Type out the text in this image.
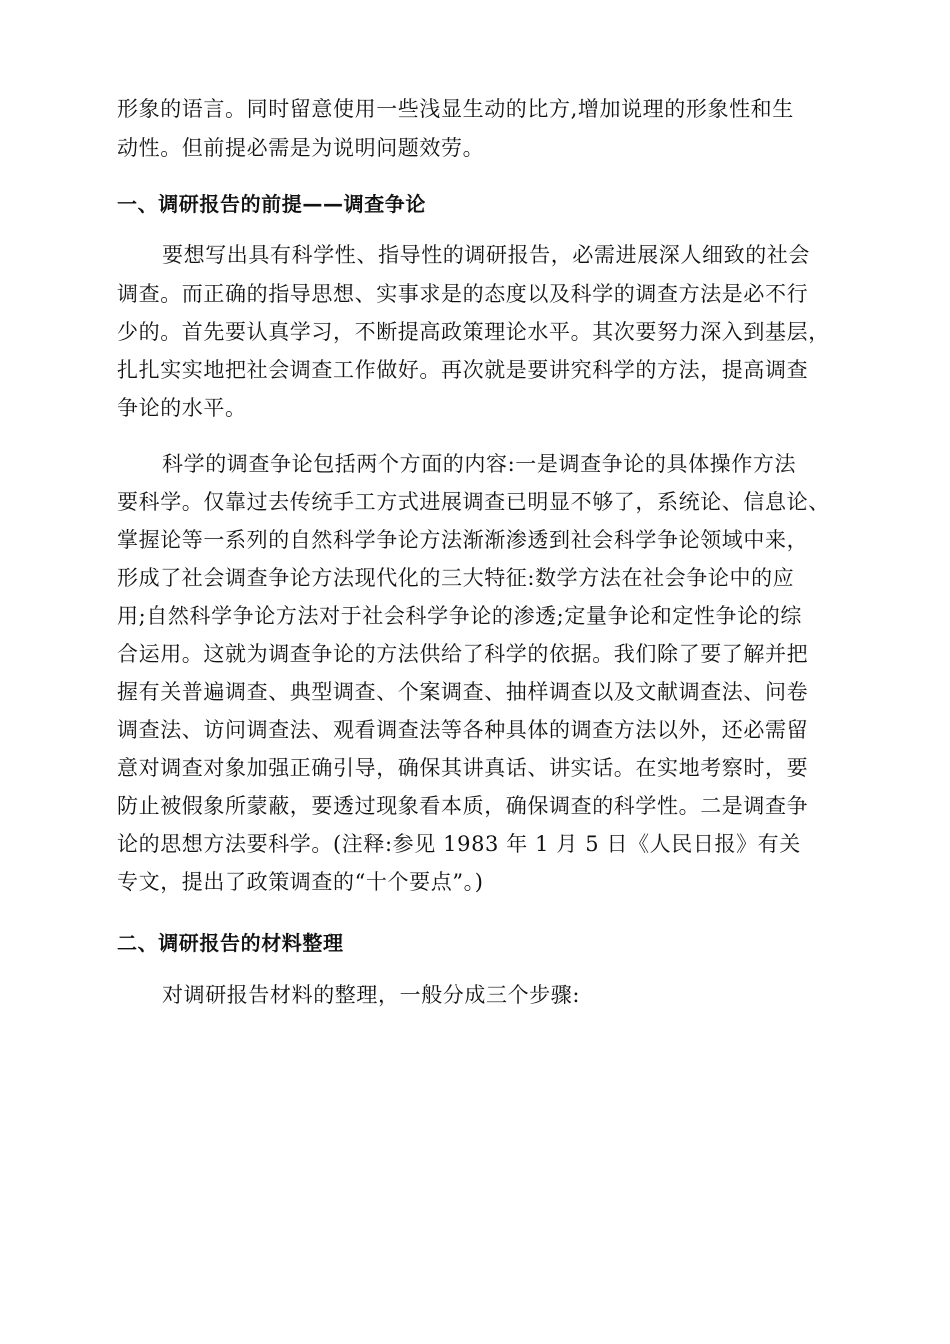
形象的语言。同时留意使用一些浅显生动的比方,增加说理的形象性和生
动性。但前提必需是为说明问题效劳。
一、调研报告的前提——调查争论
要想写出具有科学性、指导性的调研报告，必需进展深人细致的社会
调查。而正确的指导思想、实事求是的态度以及科学的调查方法是必不行
少的。首先要认真学习，不断提高政策理论水平。其次要努力深入到基层，
扎扎实实地把社会调查工作做好。再次就是要讲究科学的方法，提高调查
争论的水平。
科学的调查争论包括两个方面的内容:一是调查争论的具体操作方法
要科学。仅靠过去传统手工方式进展调查已明显不够了，系统论、信息论、
掌握论等一系列的自然科学争论方法渐渐渗透到社会科学争论领域中来，
形成了社会调查争论方法现代化的三大特征:数学方法在社会争论中的应
用;自然科学争论方法对于社会科学争论的渗透;定量争论和定性争论的综
合运用。这就为调查争论的方法供给了科学的依据。我们除了要了解并把
握有关普遍调查、典型调查、个案调查、抽样调查以及文献调查法、问卷
调查法、访问调查法、观看调查法等各种具体的调查方法以外，还必需留
意对调查对象加强正确引导，确保其讲真话、讲实话。在实地考察时，要
防止被假象所蒙蔽，要透过现象看本质，确保调查的科学性。二是调查争
论的思想方法要科学。(注释:参见 1983 年 1 月 5 日《人民日报》有关
专文，提出了政策调查的“十个要点”。)
二、调研报告的材料整理
对调研报告材料的整理，一般分成三个步骤:
